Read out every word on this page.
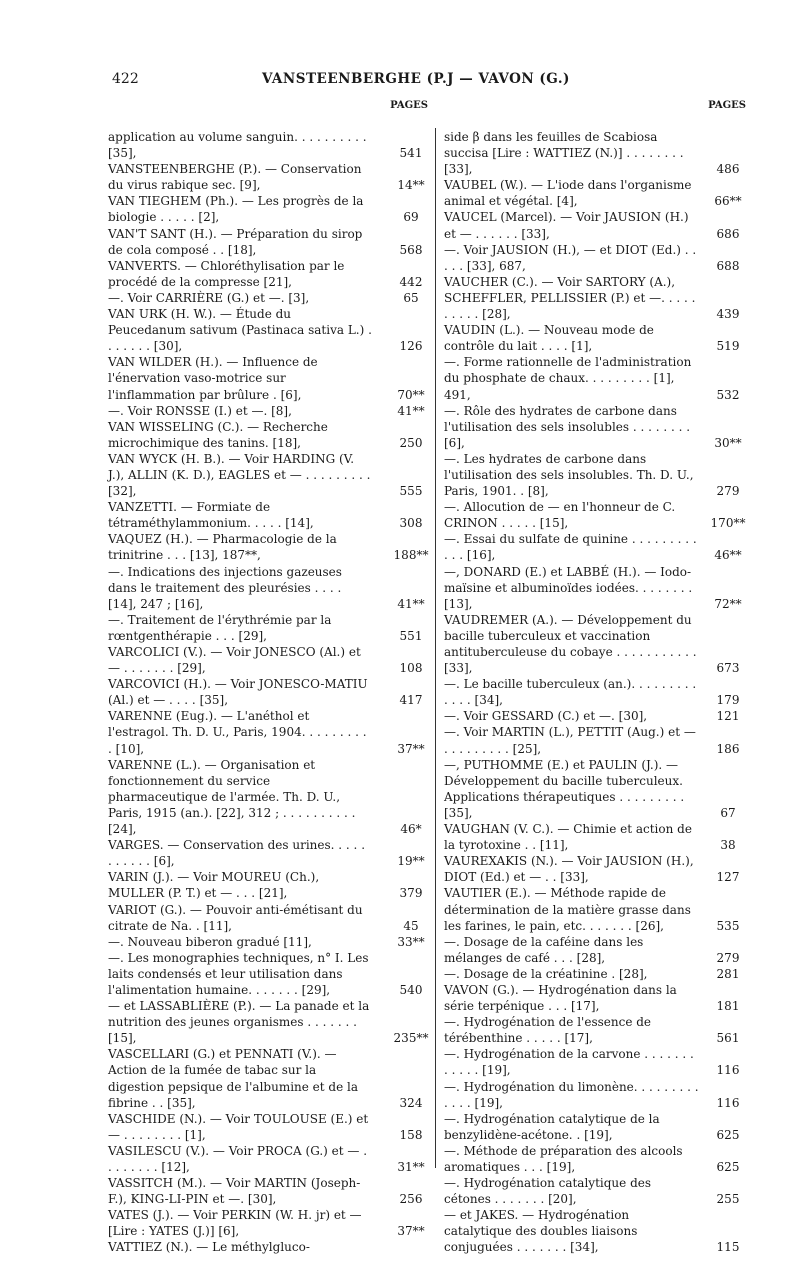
422	VANSTEENBERGHE (P.J — VAVON (G.)
PAGES
application au volume sanguin. . . . . . . . . . [35],	541
VANSTEENBERGHE (P.). — Conservation du virus rabique sec. [9],	14**
VAN TIEGHEM (Ph.). — Les progrès de la biologie . . . . . [2],	69
VAN'T SANT (H.). — Préparation du sirop de cola composé . . [18],	568
VANVERTS. — Chloréthylisation par le procédé de la compresse [21],	442
—. Voir CARRIÈRE (G.) et —. [3],	65
VAN URK (H. W.). — Étude du Peucedanum sativum (Pastinaca sativa L.) . . . . . . . [30],	126
VAN WILDER (H.). — Influence de l'énervation vaso-motrice sur l'inflammation par brûlure . [6],	70**
—. Voir RONSSE (I.) et —. [8],	41**
VAN WISSELING (C.). — Recherche microchimique des tanins. [18],	250
VAN WYCK (H. B.). — Voir HARDING (V. J.), ALLIN (K. D.), EAGLES et — . . . . . . . . . [32],	555
VANZETTI. — Formiate de tétraméthylammonium. . . . . [14],	308
VAQUEZ (H.). — Pharmacologie de la trinitrine . . . [13], 187**,	188**
—. Indications des injections gazeuses dans le traitement des pleurésies . . . . [14], 247 ; [16],	41**
—. Traitement de l'érythrémie par la rœntgenthérapie . . . [29],	551
VARCOLICI (V.). — Voir JONESCO (Al.) et — . . . . . . . [29],	108
VARCOVICI (H.). — Voir JONESCO-MATIU (Al.) et — . . . . [35],	417
VARENNE (Eug.). — L'anéthol et l'estragol. Th. D. U., Paris, 1904. . . . . . . . . . [10],	37**
VARENNE (L.). — Organisation et fonctionnement du service pharmaceutique de l'armée. Th. D. U., Paris, 1915 (an.). [22], 312 ; . . . . . . . . . . [24],	46*
VARGES. — Conservation des urines. . . . . . . . . . . [6],	19**
VARIN (J.). — Voir MOUREU (Ch.), MULLER (P. T.) et — . . . [21],	379
VARIOT (G.). — Pouvoir anti-émétisant du citrate de Na. . [11],	45
—. Nouveau biberon gradué [11],	33**
—. Les monographies techniques, n° I. Les laits condensés et leur utilisation dans l'alimentation humaine. . . . . . . [29],	540
— et LASSABLIÈRE (P.). — La panade et la nutrition des jeunes organismes . . . . . . . [15],	235**
VASCELLARI (G.) et PENNATI (V.). — Action de la fumée de tabac sur la digestion pepsique de l'albumine et de la fibrine . . [35],	324
VASCHIDE (N.). — Voir TOULOUSE (E.) et — . . . . . . . . [1],	158
VASILESCU (V.). — Voir PROCA (G.) et — . . . . . . . . [12],	31**
VASSITCH (M.). — Voir MARTIN (Joseph-F.), KING-LI-PIN et —. [30],	256
VATES (J.). — Voir PERKIN (W. H. jr) et — [Lire : YATES (J.)] [6],	37**
VATTIEZ (N.). — Le méthylgluco-
PAGES
side β dans les feuilles de Scabiosa succisa [Lire : WATTIEZ (N.)] . . . . . . . . [33],	486
VAUBEL (W.). — L'iode dans l'organisme animal et végétal. [4],	66**
VAUCEL (Marcel). — Voir JAUSION (H.) et — . . . . . . [33],	686
—. Voir JAUSION (H.), — et DIOT (Ed.) . . . . . [33], 687,	688
VAUCHER (C.). — Voir SARTORY (A.), SCHEFFLER, PELLISSIER (P.) et —. . . . . . . . . . [28],	439
VAUDIN (L.). — Nouveau mode de contrôle du lait . . . . [1],	519
—. Forme rationnelle de l'administration du phosphate de chaux. . . . . . . . . [1], 491,	532
—. Rôle des hydrates de carbone dans l'utilisation des sels insolubles . . . . . . . . [6],	30**
—. Les hydrates de carbone dans l'utilisation des sels insolubles. Th. D. U., Paris, 1901. . [8],	279
—. Allocution de — en l'honneur de C. CRINON . . . . . [15],	170**
—. Essai du sulfate de quinine . . . . . . . . . . . . [16],	46**
—, DONARD (E.) et LABBÉ (H.). — Iodo-maïsine et albuminoïdes iodées. . . . . . . . [13],	72**
VAUDREMER (A.). — Développement du bacille tuberculeux et vaccination antituberculeuse du cobaye . . . . . . . . . . . [33],	673
—. Le bacille tuberculeux (an.). . . . . . . . . . . . . [34],	179
—. Voir GESSARD (C.) et —. [30],	121
—. Voir MARTIN (L.), PETTIT (Aug.) et — . . . . . . . . . [25],	186
—, PUTHOMME (E.) et PAULIN (J.). — Développement du bacille tuberculeux. Applications thérapeutiques . . . . . . . . . [35],	67
VAUGHAN (V. C.). — Chimie et action de la tyrotoxine . . [11],	38
VAUREXAKIS (N.). — Voir JAUSION (H.), DIOT (Ed.) et — . . [33],	127
VAUTIER (E.). — Méthode rapide de détermination de la matière grasse dans les farines, le pain, etc. . . . . . . [26],	535
—. Dosage de la caféine dans les mélanges de café . . . [28],	279
—. Dosage de la créatinine . [28],	281
VAVON (G.). — Hydrogénation dans la série terpénique . . . [17],	181
—. Hydrogénation de l'essence de térébenthine . . . . . [17],	561
—. Hydrogénation de la carvone . . . . . . . . . . . . [19],	116
—. Hydrogénation du limonène. . . . . . . . . . . . . [19],	116
—. Hydrogénation catalytique de la benzylidène-acétone. . [19],	625
—. Méthode de préparation des alcools aromatiques . . . [19],	625
—. Hydrogénation catalytique des cétones . . . . . . . [20],	255
— et JAKES. — Hydrogénation catalytique des doubles liaisons conjuguées . . . . . . . [34],	115
